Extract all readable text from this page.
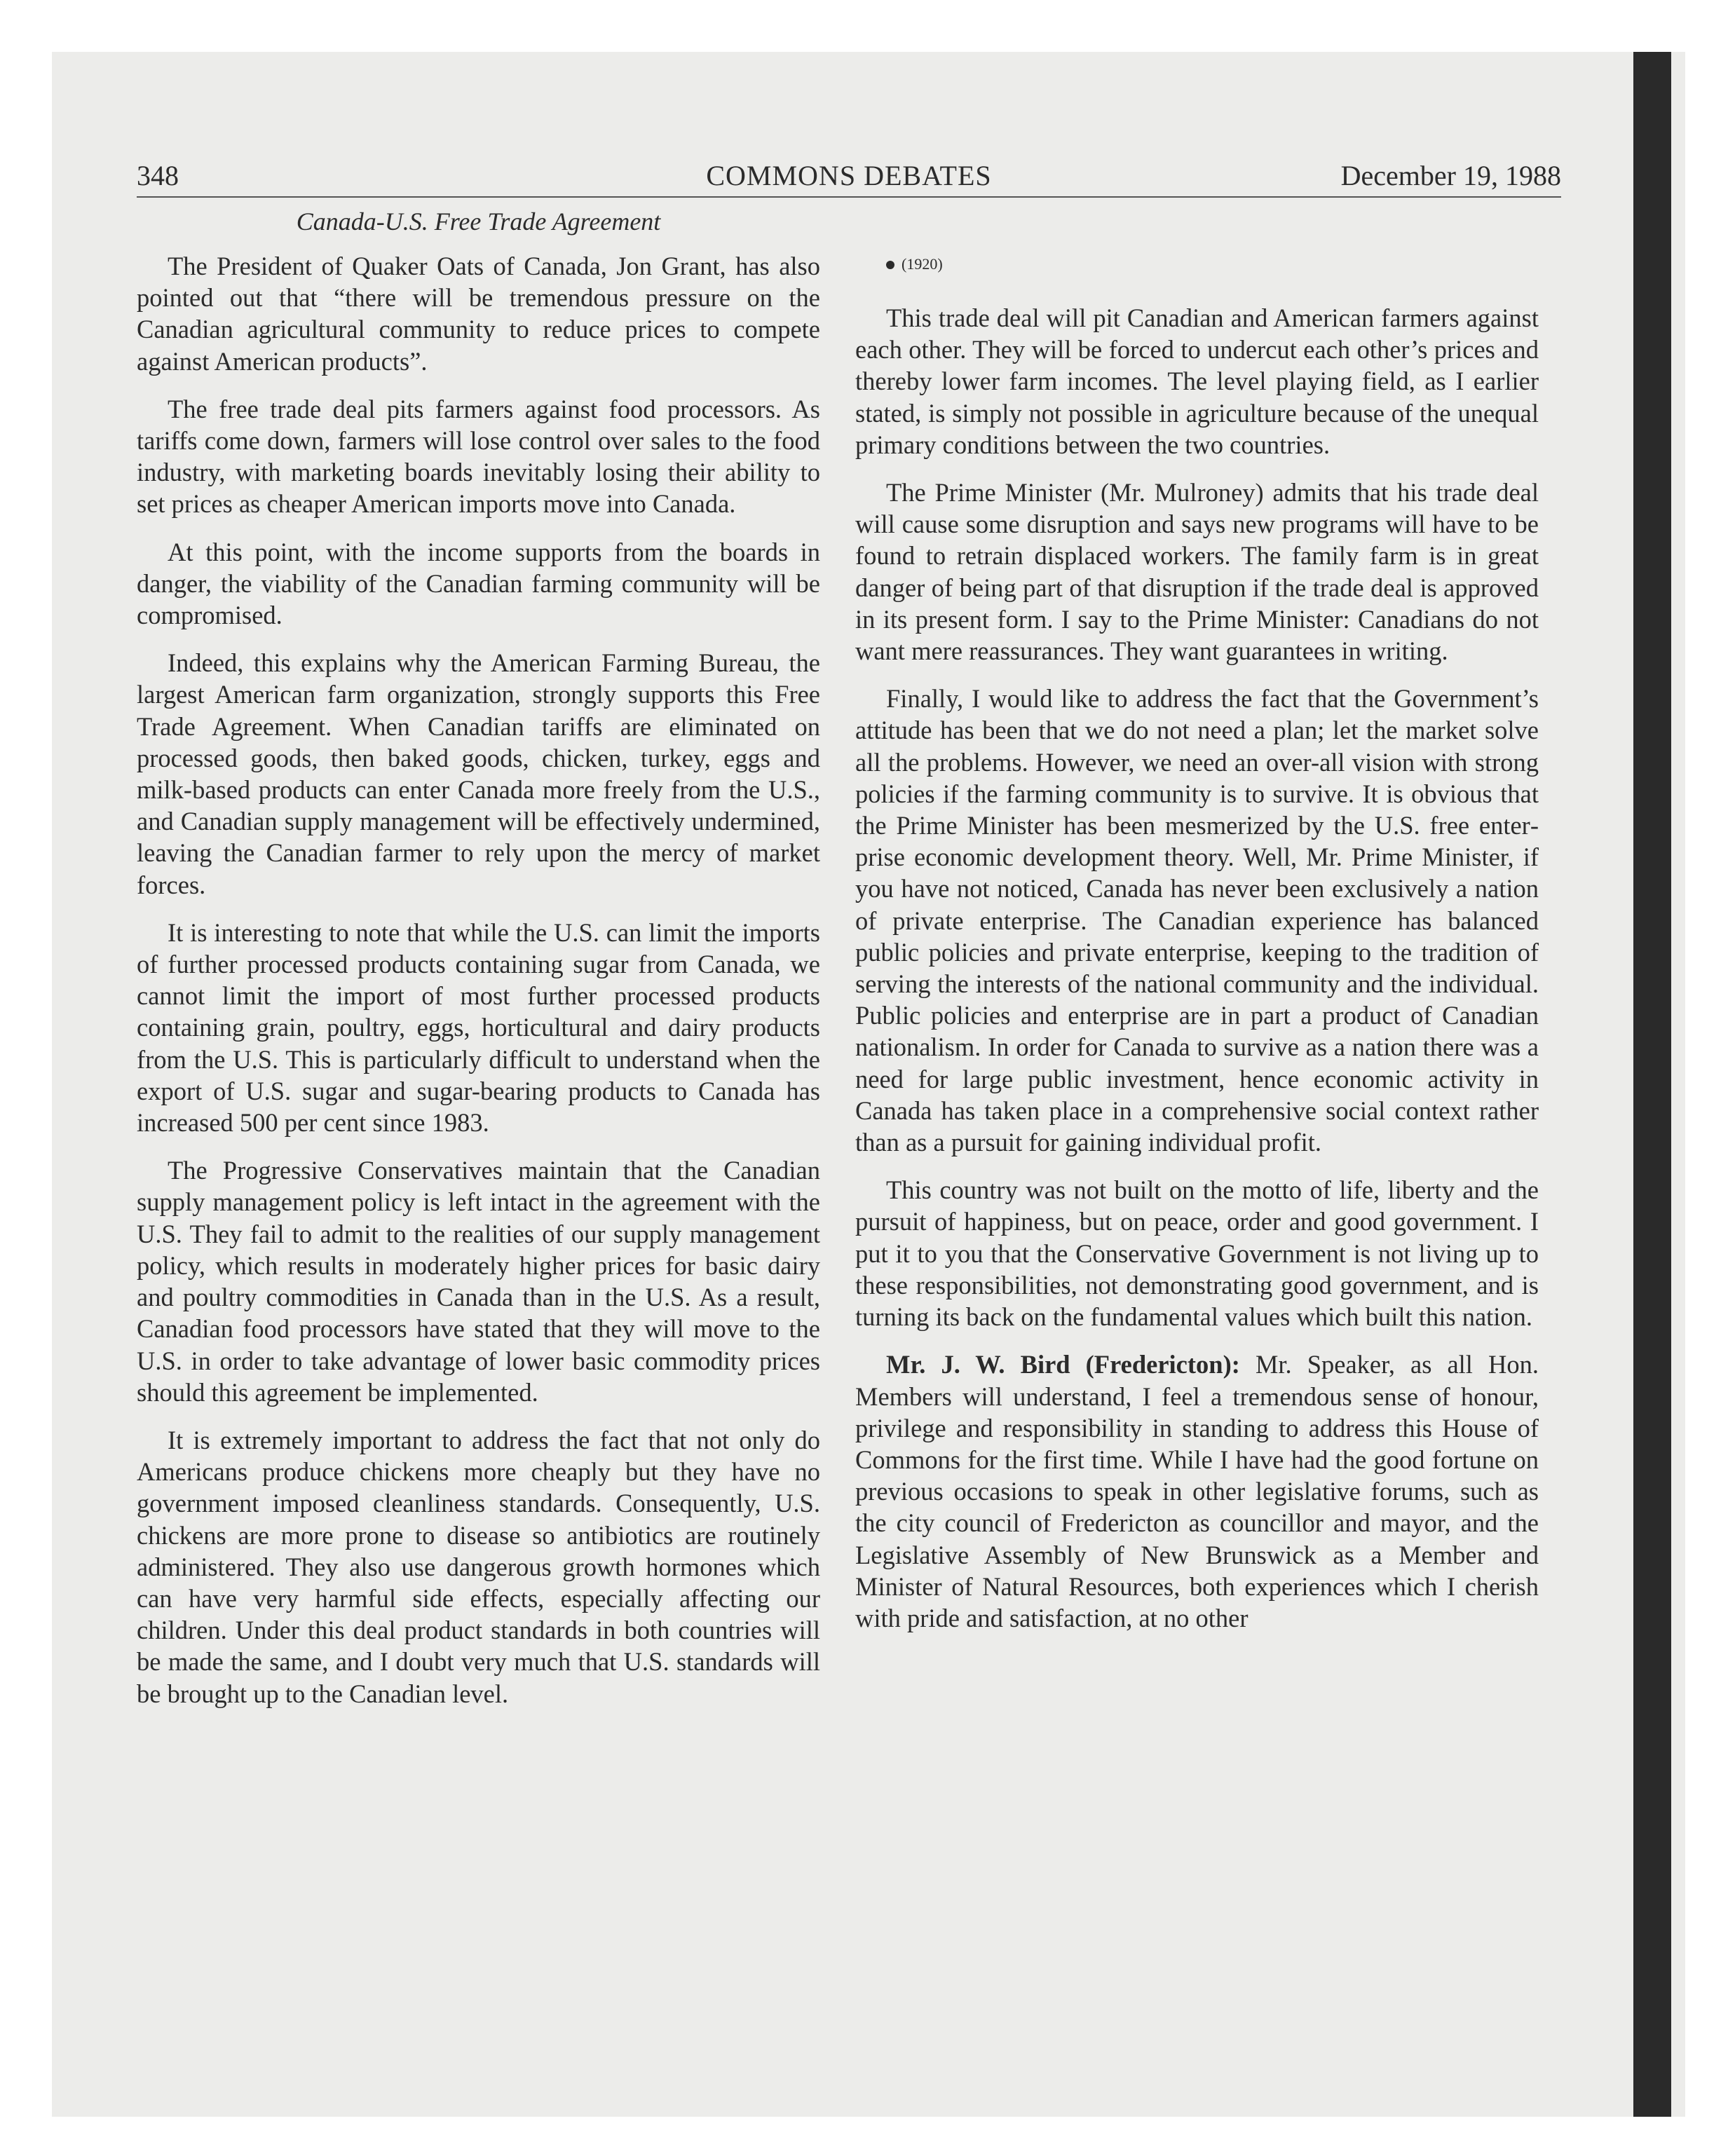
COMMONS DEBATES
348	December 19, 1988
Canada-U.S. Free Trade Agreement

The President of Quaker Oats of Canada, Jon Grant, has also pointed out that “there will be tremendous pressure on the Canadian agricultural community to reduce prices to compete against American products”.

The free trade deal pits farmers against food processors. As tariffs come down, farmers will lose control over sales to the food industry, with marketing boards inevitably losing their ability to set prices as cheaper American imports move into Canada.

At this point, with the income supports from the boards in danger, the viability of the Canadian farming community will be compromised.

Indeed, this explains why the American Farming Bureau, the largest American farm organization, strongly supports this Free Trade Agreement. When Canadian tariffs are eliminated on processed goods, then baked goods, chicken, turkey, eggs and milk-based products can enter Canada more freely from the U.S., and Canadian supply management will be effectively undermined, leaving the Canadian farmer to rely upon the mercy of market forces.

It is interesting to note that while the U.S. can limit the imports of further processed products containing sugar from Canada, we cannot limit the import of most further processed products containing grain, poultry, eggs, horticultural and dairy products from the U.S. This is particularly difficult to understand when the export of U.S. sugar and sugar-bearing products to Canada has increased 500 per cent since 1983.

The Progressive Conservatives maintain that the Canadian supply management policy is left intact in the agreement with the U.S. They fail to admit to the realities of our supply management policy, which results in moderately higher prices for basic dairy and poultry commodities in Canada than in the U.S. As a result, Canadian food processors have stated that they will move to the U.S. in order to take advantage of lower basic commodity prices should this agreement be implemented.

It is extremely important to address the fact that not only do Americans produce chickens more cheaply but they have no government imposed cleanliness standards. Consequently, U.S. chickens are more prone to disease so antibiotics are routinely administered. They also use dangerous growth hormones which can have very harmful side effects, especially affecting our children. Under this deal product standards in both countries will be made the same, and I doubt very much that U.S. standards will be brought up to the Canadian level.

(1920)

This trade deal will pit Canadian and American farmers against each other. They will be forced to undercut each other’s prices and thereby lower farm incomes. The level playing field, as I earlier stated, is simply not possible in agriculture because of the unequal primary conditions between the two countries.

The Prime Minister (Mr. Mulroney) admits that his trade deal will cause some disruption and says new programs will have to be found to retrain displaced workers. The family farm is in great danger of being part of that disruption if the trade deal is approved in its present form. I say to the Prime Minister: Canadians do not want mere reassurances. They want guarantees in writing.

Finally, I would like to address the fact that the Government’s attitude has been that we do not need a plan; let the market solve all the problems. However, we need an over-all vision with strong policies if the farming community is to survive. It is obvious that the Prime Minister has been mesmerized by the U.S. free enterprise economic development theory. Well, Mr. Prime Minister, if you have not noticed, Canada has never been exclusively a nation of private enterprise. The Canadian experience has balanced public policies and private enterprise, keeping to the tradition of serving the interests of the national community and the individual. Public policies and enterprise are in part a product of Canadian nationalism. In order for Canada to survive as a nation there was a need for large public investment, hence economic activity in Canada has taken place in a comprehensive social context rather than as a pursuit for gaining individual profit.

This country was not built on the motto of life, liberty and the pursuit of happiness, but on peace, order and good government. I put it to you that the Conservative Government is not living up to these responsibilities, not demonstrating good government, and is turning its back on the fundamental values which built this nation.

Mr. J. W. Bird (Fredericton): Mr. Speaker, as all Hon. Members will understand, I feel a tremendous sense of honour, privilege and responsibility in standing to address this House of Commons for the first time. While I have had the good fortune on previous occasions to speak in other legislative forums, such as the city council of Fredericton as councillor and mayor, and the Legislative Assembly of New Brunswick as a Member and Minister of Natural Resources, both experiences which I cherish with pride and satisfaction, at no other
